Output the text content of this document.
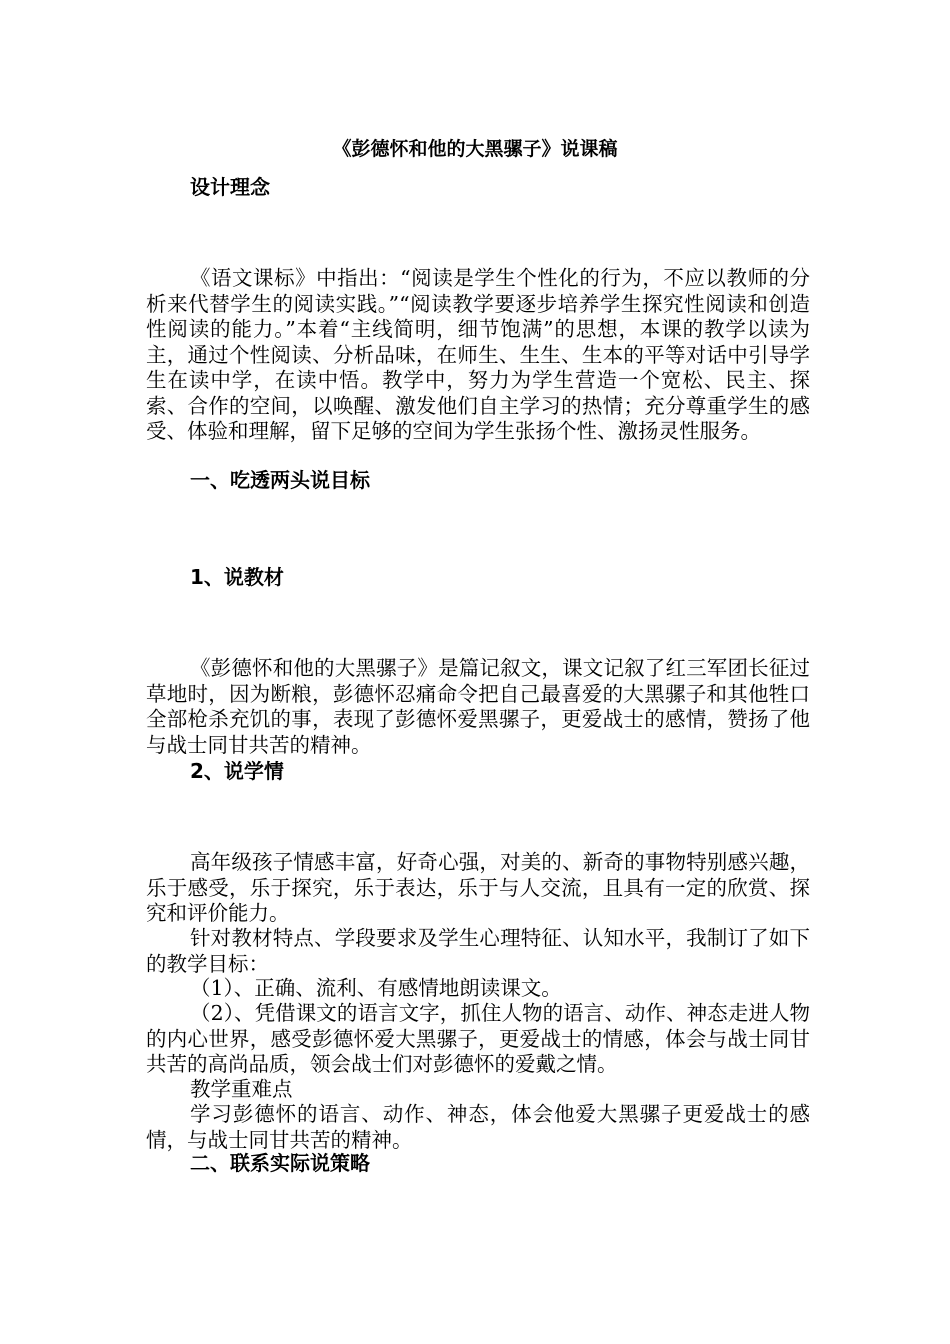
《彭德怀和他的大黑骡子》说课稿
设计理念
《语文课标》中指出：“阅读是学生个性化的行为，不应以教师的分析来代替学生的阅读实践。”“阅读教学要逐步培养学生探究性阅读和创造性阅读的能力。”本着“主线简明，细节饱满”的思想，本课的教学以读为主，通过个性阅读、分析品味，在师生、生生、生本的平等对话中引导学生在读中学，在读中悟。教学中，努力为学生营造一个宽松、民主、探索、合作的空间，以唤醒、激发他们自主学习的热情；充分尊重学生的感受、体验和理解，留下足够的空间为学生张扬个性、激扬灵性服务。
一、吃透两头说目标
1、说教材
《彭德怀和他的大黑骡子》是篇记叙文，课文记叙了红三军团长征过草地时，因为断粮，彭德怀忍痛命令把自己最喜爱的大黑骡子和其他牲口全部枪杀充饥的事，表现了彭德怀爱黑骡子，更爱战士的感情，赞扬了他与战士同甘共苦的精神。
2、说学情
高年级孩子情感丰富，好奇心强，对美的、新奇的事物特别感兴趣，乐于感受，乐于探究，乐于表达，乐于与人交流，且具有一定的欣赏、探究和评价能力。
针对教材特点、学段要求及学生心理特征、认知水平，我制订了如下的教学目标：
（1）、正确、流利、有感情地朗读课文。
（2）、凭借课文的语言文字，抓住人物的语言、动作、神态走进人物的内心世界，感受彭德怀爱大黑骡子，更爱战士的情感，体会与战士同甘共苦的高尚品质，领会战士们对彭德怀的爱戴之情。
教学重难点
学习彭德怀的语言、动作、神态，体会他爱大黑骡子更爱战士的感情，与战士同甘共苦的精神。
二、联系实际说策略
